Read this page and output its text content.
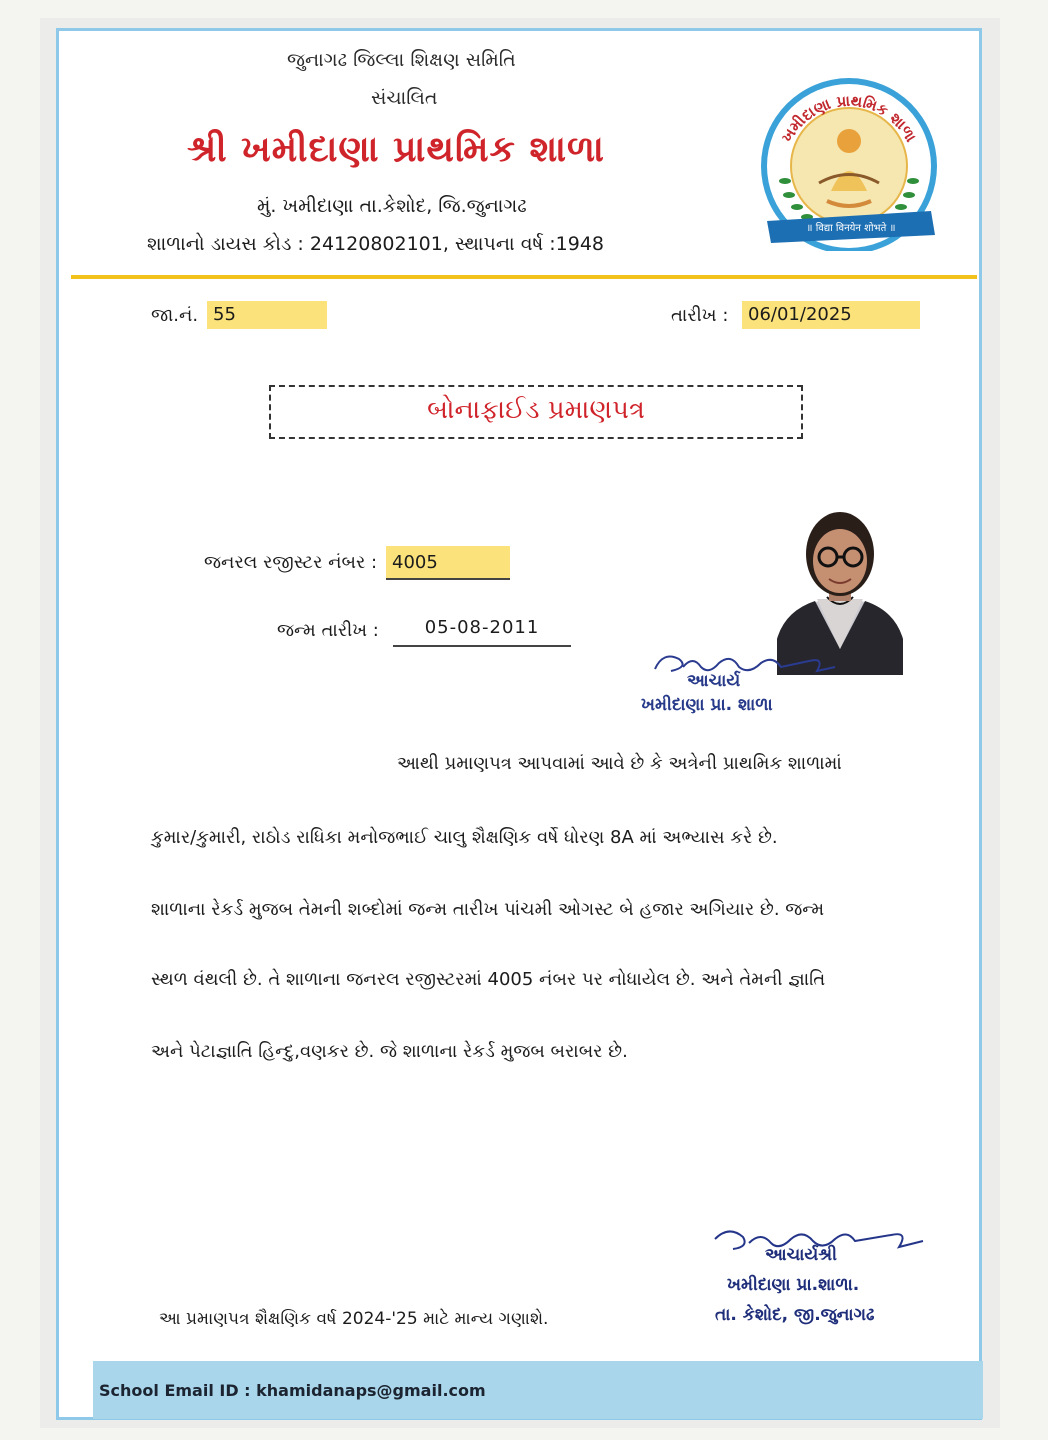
જુનાગઢ જિલ્લા શિક્ષણ સમિતિ
સંચાલિત
શ્રી ખમીદાણા પ્રાથમિક શાળા
મું. ખમીદાણા તા.કેશોદ, જિ.જુનાગઢ
શાળાનો ડાયસ કોડ : 24120802101, સ્થાપના વર્ષ :1948
ખમીદાણા પ્રાથમિક શાળા
॥ विद्या विनयेन शोभते ॥
જા.નં. 55	તારીખ :	06/01/2025
બોનાફાઈડ પ્રમાણપત્ર
જનરલ રજીસ્ટર નંબર : 4005
જન્મ તારીખ :	05-08-2011
આચાર્ય
ખમીદાણા પ્રા. શાળા
આથી પ્રમાણપત્ર આપવામાં આવે છે કે અત્રેની પ્રાથમિક શાળામાં
કુમાર/કુમારી, રાઠોડ રાધિકા મનોજભાઈ ચાલુ શૈક્ષણિક વર્ષે ધોરણ 8A માં અભ્યાસ કરે છે.
શાળાના રેકર્ડ મુજબ તેમની શબ્દોમાં જન્મ તારીખ પાંચમી ઓગસ્ટ બે હજાર અગિયાર છે. જન્મ
સ્થળ વંથલી છે. તે શાળાના જનરલ રજીસ્ટરમાં 4005 નંબર પર નોધાયેલ છે. અને તેમની જ્ઞાતિ
અને પેટાજ્ઞાતિ હિન્દુ,વણકર છે. જે શાળાના રેકર્ડ મુજબ બરાબર છે.
આચાર્યશ્રી
ખમીદાણા પ્રા.શાળા.
તા. કેશોદ, જી.જુનાગઢ
આ પ્રમાણપત્ર શૈક્ષણિક વર્ષ 2024-'25 માટે માન્ય ગણાશે.
School Email ID : khamidanaps@gmail.com
